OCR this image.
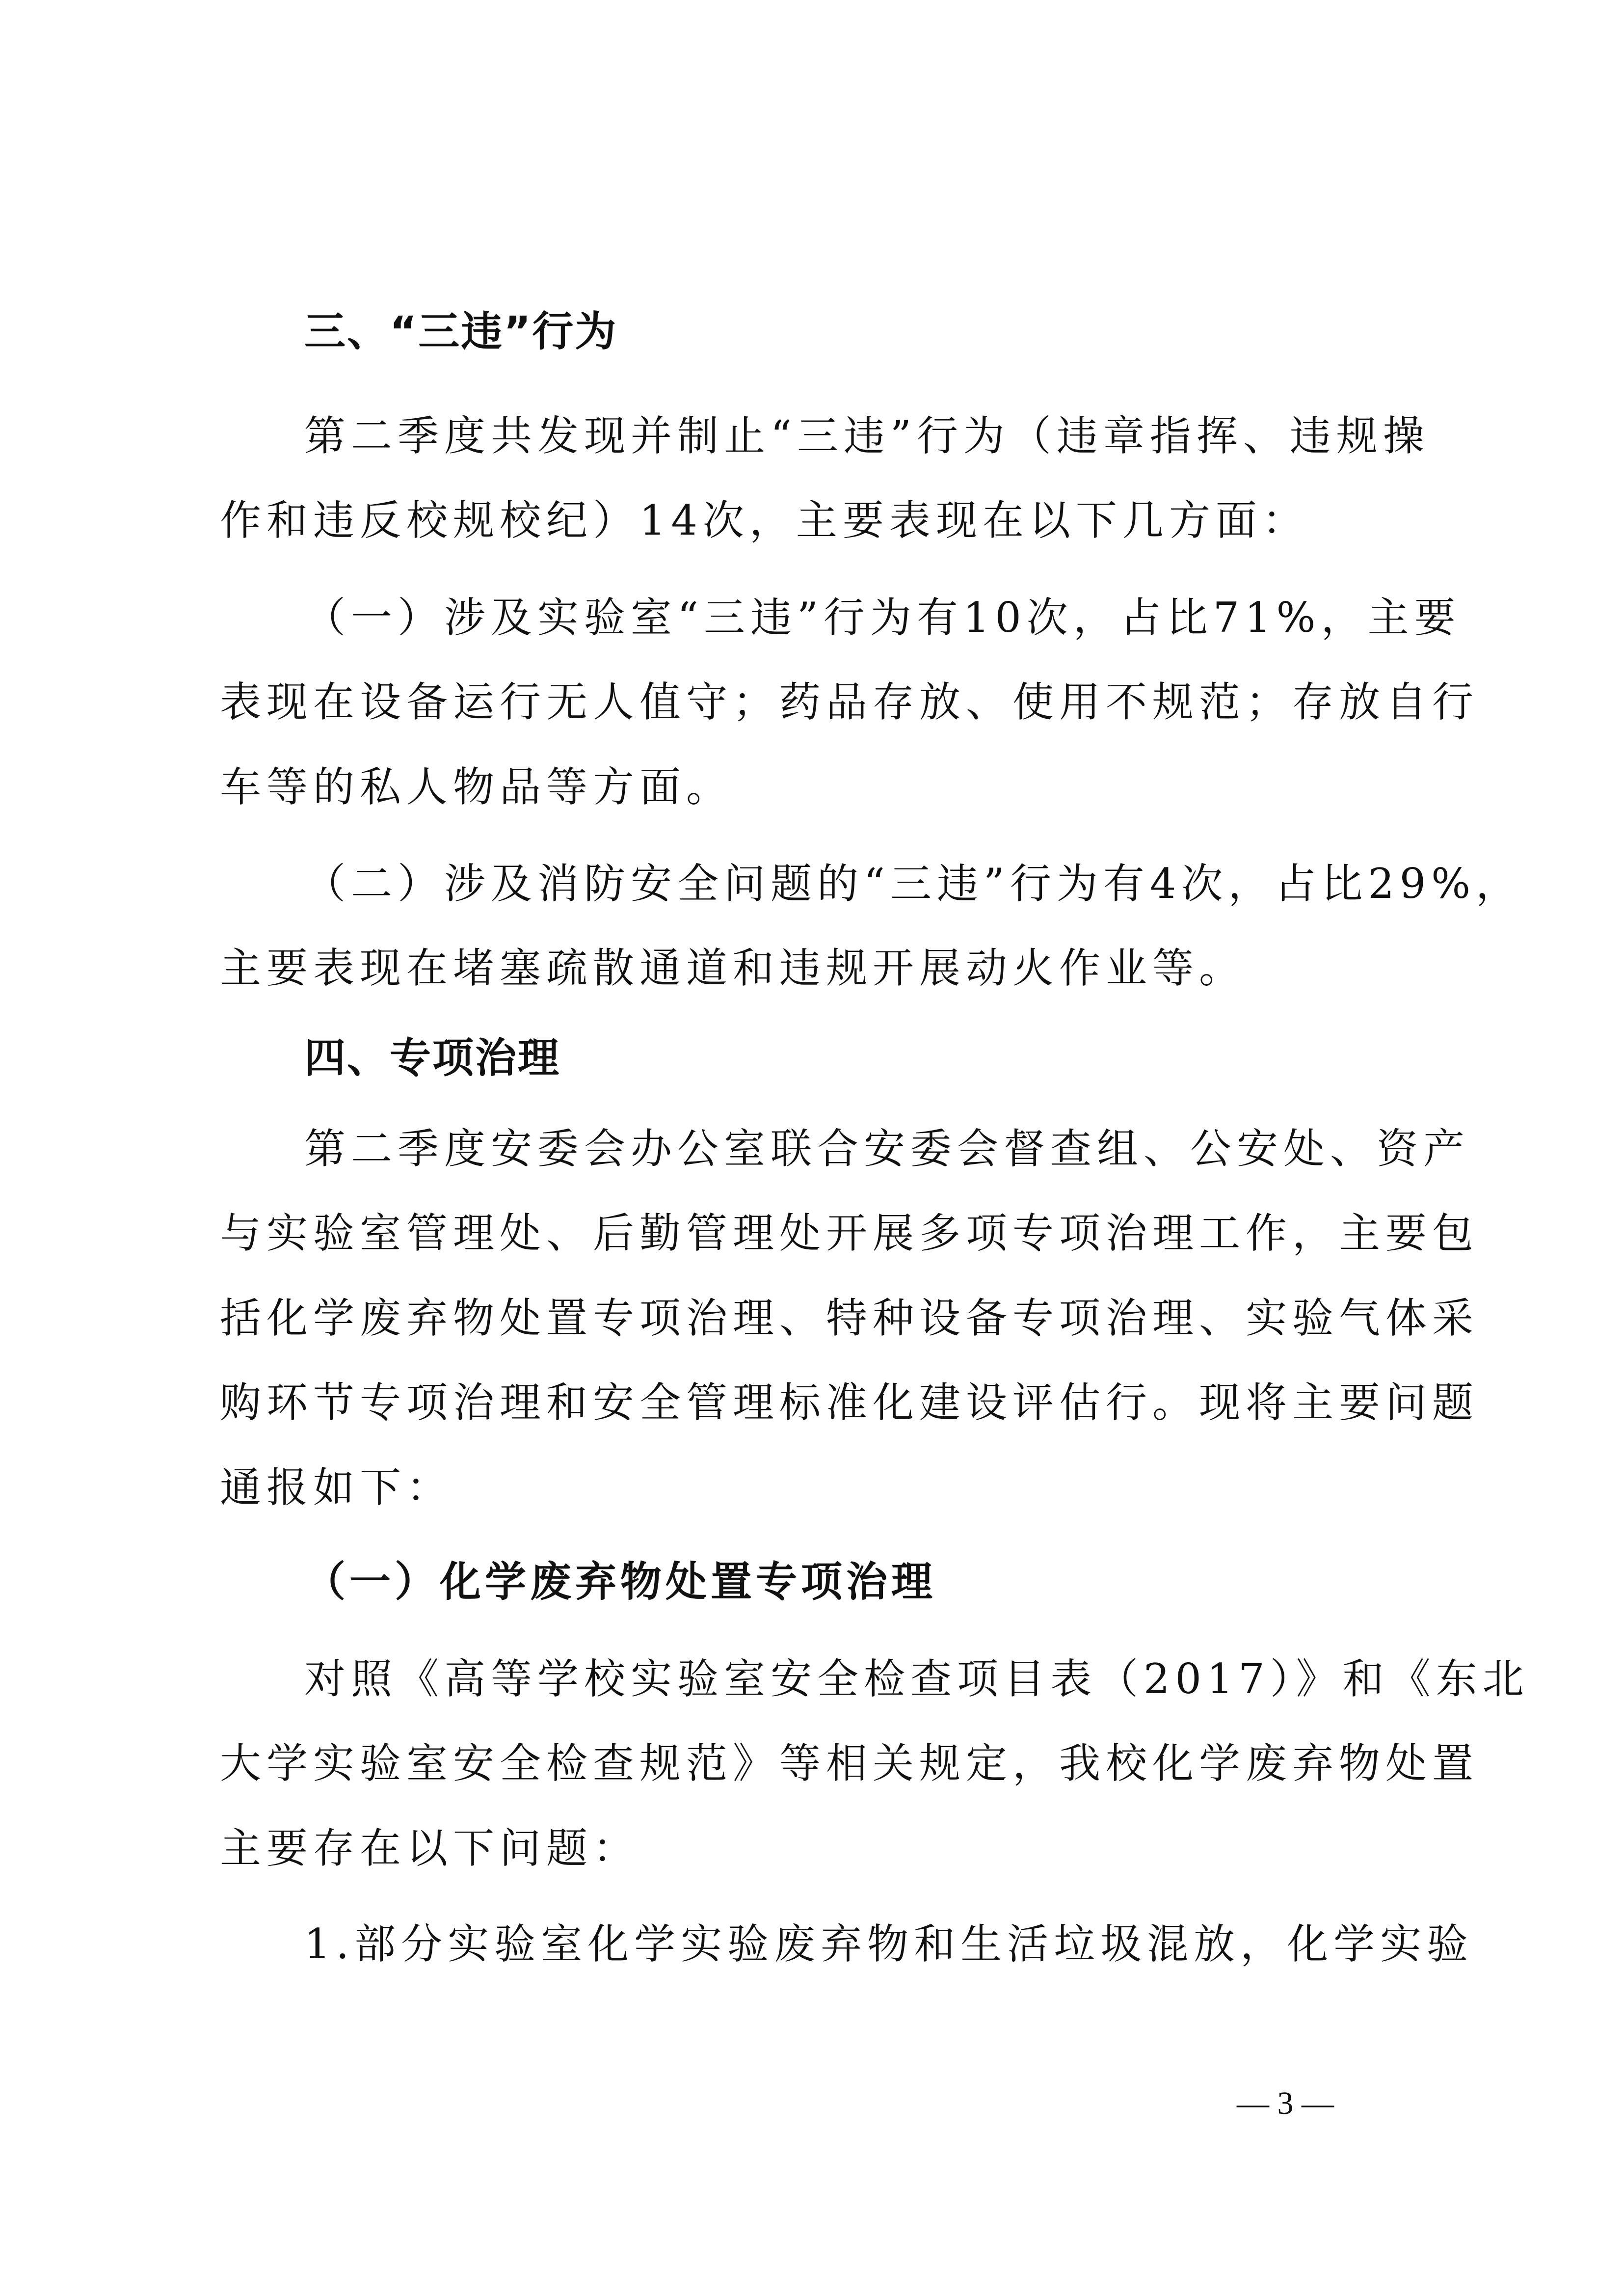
三、“三违”行为
第二季度共发现并制止“三违”行为（违章指挥、违规操
作和违反校规校纪）14次，主要表现在以下几方面：
（一）涉及实验室“三违”行为有10次，占比71%，主要
表现在设备运行无人值守；药品存放、使用不规范；存放自行
车等的私人物品等方面。
（二）涉及消防安全问题的“三违”行为有4次，占比29%，
主要表现在堵塞疏散通道和违规开展动火作业等。
四、专项治理
第二季度安委会办公室联合安委会督查组、公安处、资产
与实验室管理处、后勤管理处开展多项专项治理工作，主要包
括化学废弃物处置专项治理、特种设备专项治理、实验气体采
购环节专项治理和安全管理标准化建设评估行。现将主要问题
通报如下：
（一）化学废弃物处置专项治理
对照《高等学校实验室安全检查项目表（2017）》和《东北
大学实验室安全检查规范》等相关规定，我校化学废弃物处置
主要存在以下问题：
1.部分实验室化学实验废弃物和生活垃圾混放，化学实验
— 3 —
